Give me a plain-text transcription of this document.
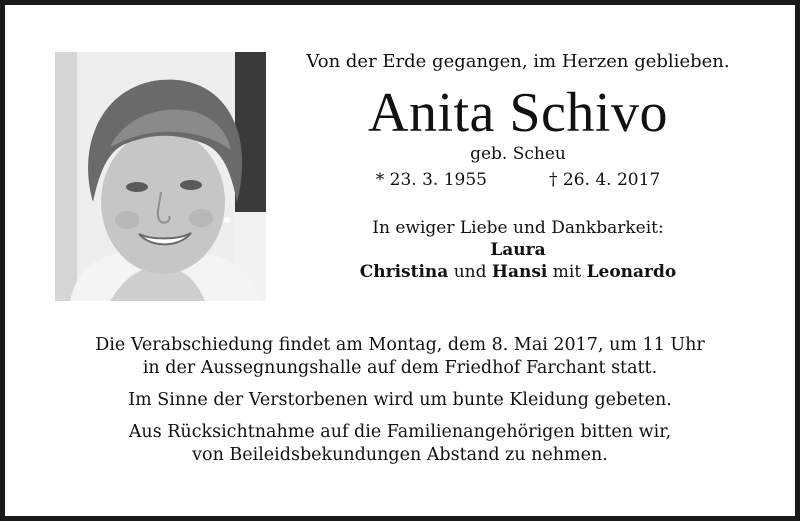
Von der Erde gegangen, im Herzen geblieben.
Anita Schivo
geb. Scheu
* 23. 3. 1955	† 26. 4. 2017
In ewiger Liebe und Dankbarkeit:
Laura
Christina und Hansi mit Leonardo

Die Verabschiedung findet am Montag, dem 8. Mai 2017, um 11 Uhr
in der Aussegnungshalle auf dem Friedhof Farchant statt.

Im Sinne der Verstorbenen wird um bunte Kleidung gebeten.

Aus Rücksichtnahme auf die Familienangehörigen bitten wir,
von Beileidsbekundungen Abstand zu nehmen.
